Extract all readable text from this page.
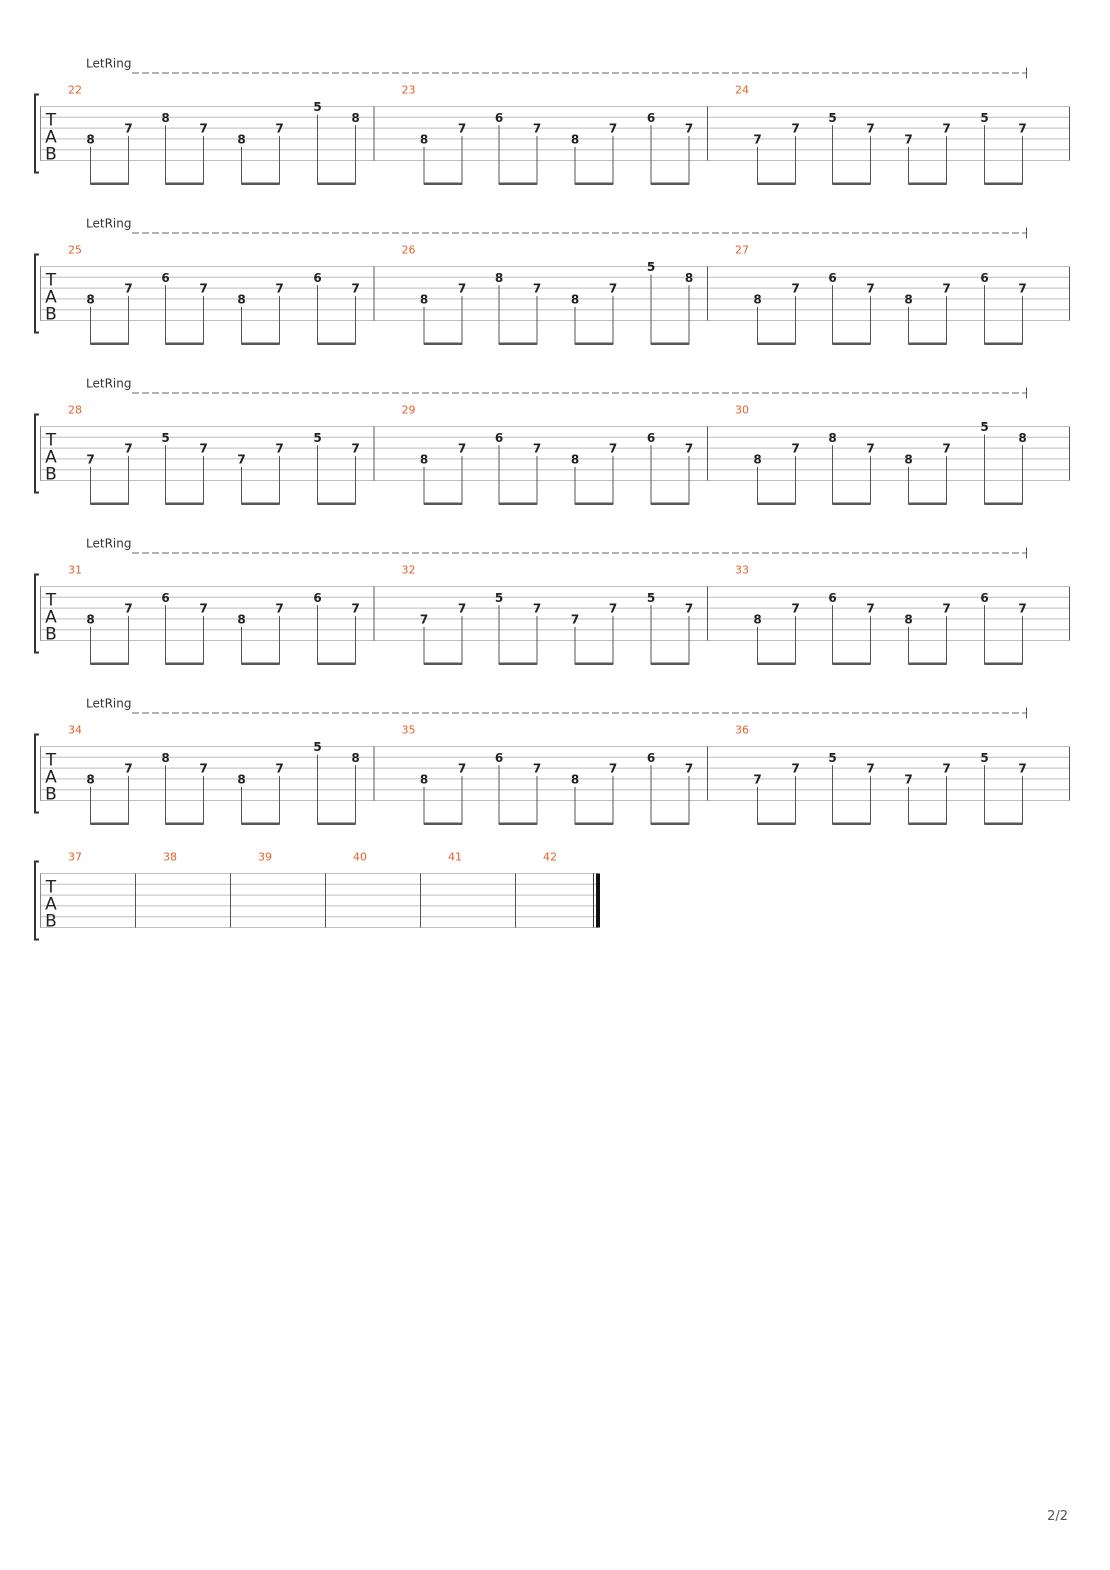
LetRing
T
A
B
22
8
7
8
7
8
7
5
8
23
8
7
6
7
8
7
6
7
24
7
7
5
7
7
7
5
7
LetRing
T
A
B
25
8
7
6
7
8
7
6
7
26
8
7
8
7
8
7
5
8
27
8
7
6
7
8
7
6
7
LetRing
T
A
B
28
7
7
5
7
7
7
5
7
29
8
7
6
7
8
7
6
7
30
8
7
8
7
8
7
5
8
LetRing
T
A
B
31
8
7
6
7
8
7
6
7
32
7
7
5
7
7
7
5
7
33
8
7
6
7
8
7
6
7
LetRing
T
A
B
34
8
7
8
7
8
7
5
8
35
8
7
6
7
8
7
6
7
36
7
7
5
7
7
7
5
7
T
A
B
37	38	39	40	41	42
2/2
